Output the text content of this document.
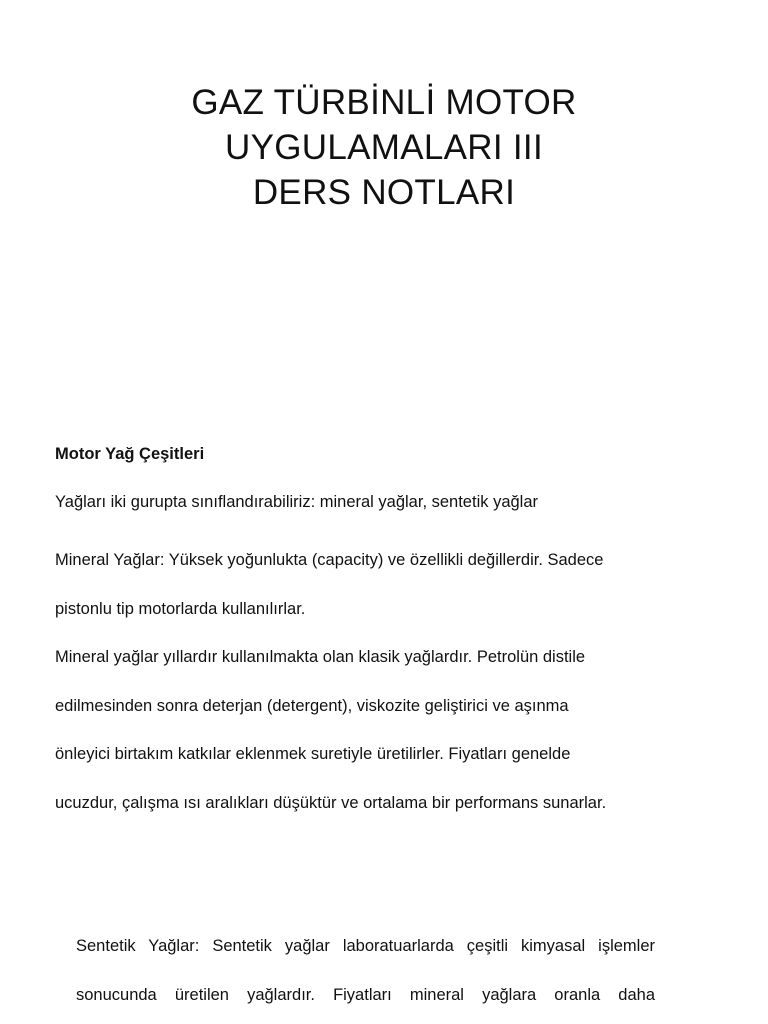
GAZ TÜRBİNLİ MOTOR
UYGULAMALARI III
DERS NOTLARI

Motor Yağ Çeşitleri

Yağları iki gurupta sınıflandırabiliriz: mineral yağlar, sentetik yağlar

Mineral Yağlar: Yüksek yoğunlukta (capacity) ve özellikli değillerdir. Sadece

pistonlu tip motorlarda kullanılırlar.

Mineral yağlar yıllardır kullanılmakta olan klasik yağlardır. Petrolün distile

edilmesinden sonra deterjan (detergent), viskozite geliştirici ve aşınma

önleyici birtakım katkılar eklenmek suretiyle üretilirler. Fiyatları genelde

ucuzdur, çalışma ısı aralıkları düşüktür ve ortalama bir performans sunarlar.

Sentetik Yağlar: Sentetik yağlar laboratuarlarda çeşitli kimyasal işlemler

sonucunda üretilen yağlardır. Fiyatları mineral yağlara oranla daha
